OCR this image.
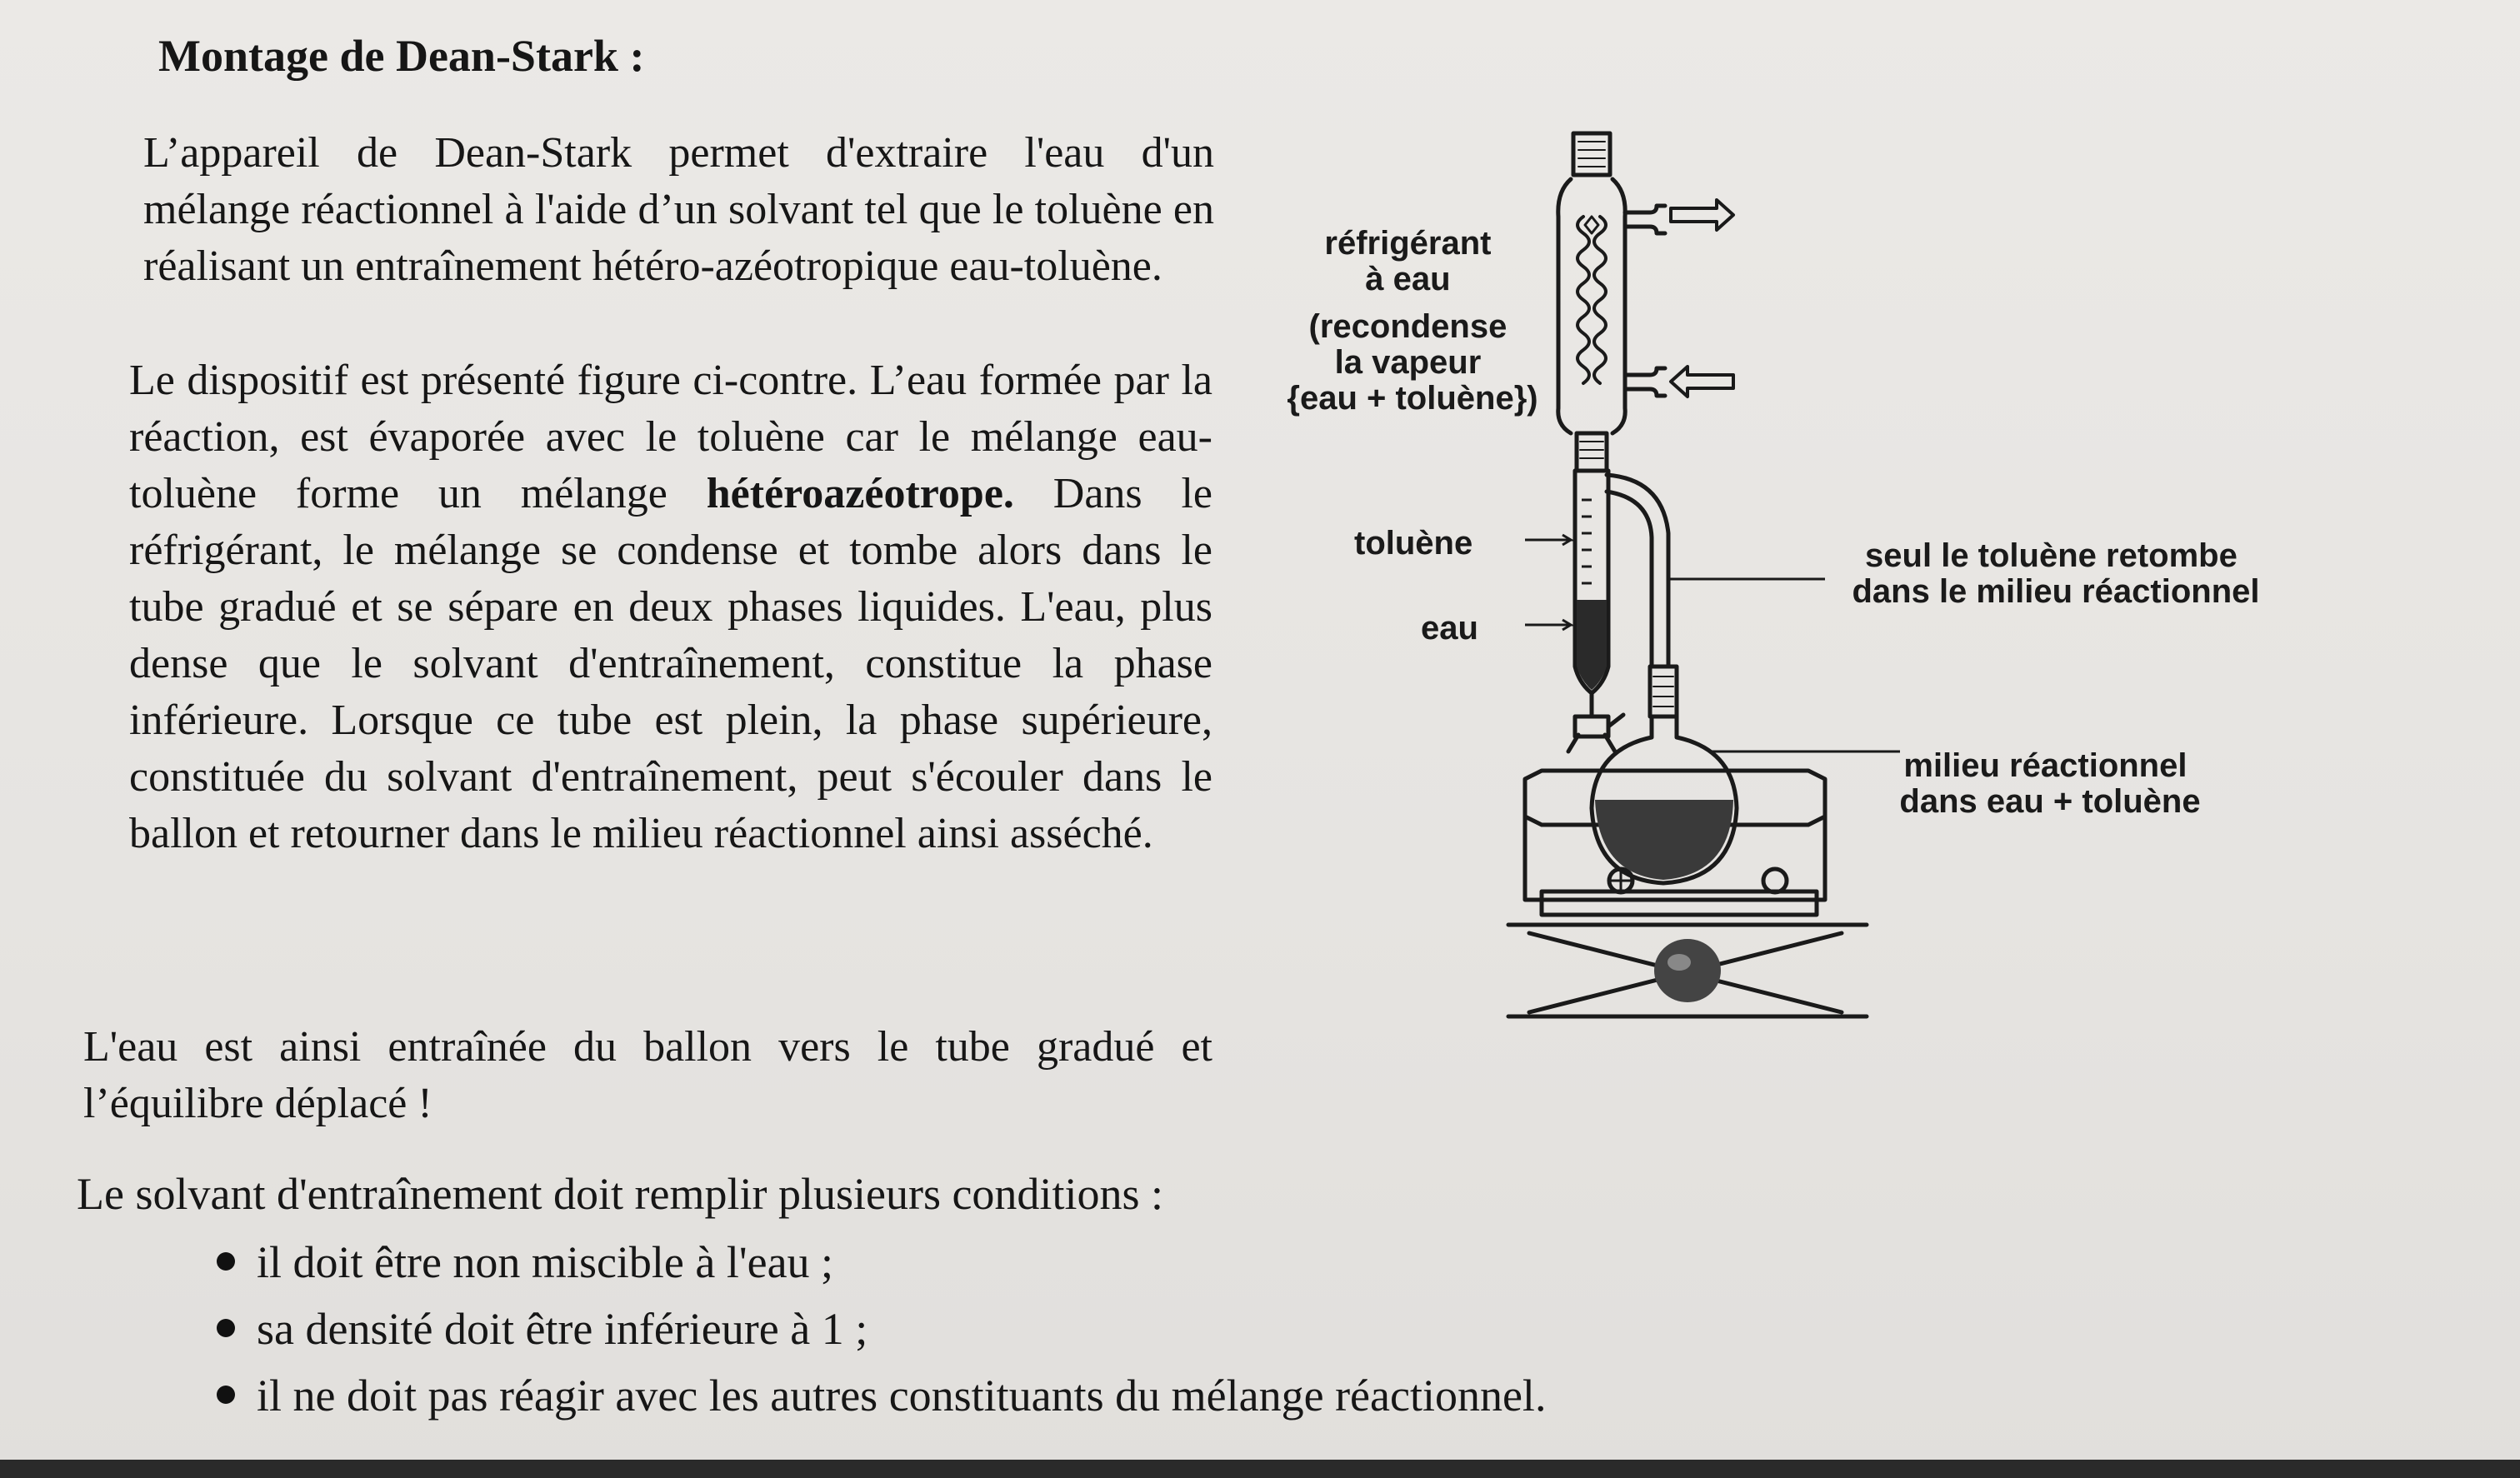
Montage de Dean-Stark :

L’appareil de Dean-Stark permet d'extraire l'eau d'un mélange réactionnel à l'aide d’un solvant tel que le toluène en réalisant un entraînement hétéro-azéotropique eau-toluène.

Le dispositif est présenté figure ci-contre. L’eau formée par la réaction, est évaporée avec le toluène car le mélange eau-toluène forme un mélange hétéroazéotrope. Dans le réfrigérant, le mélange se condense et tombe alors dans le tube gradué et se sépare en deux phases liquides. L'eau, plus dense que le solvant d'entraînement, constitue la phase inférieure. Lorsque ce tube est plein, la phase supérieure, constituée du solvant d'entraînement, peut s'écouler dans le ballon et retourner dans le milieu réactionnel ainsi asséché.

L'eau est ainsi entraînée du ballon vers le tube gradué et l’équilibre déplacé !

Le solvant d'entraînement doit remplir plusieurs conditions :

il doit être non miscible à l'eau ;
sa densité doit être inférieure à 1 ;
il ne doit pas réagir avec les autres constituants du mélange réactionnel.
réfrigérant à eau (recondense la vapeur {eau + toluène})
toluène
eau
seul le toluène retombe dans le milieu réactionnel
milieu réactionnel dans eau + toluène
